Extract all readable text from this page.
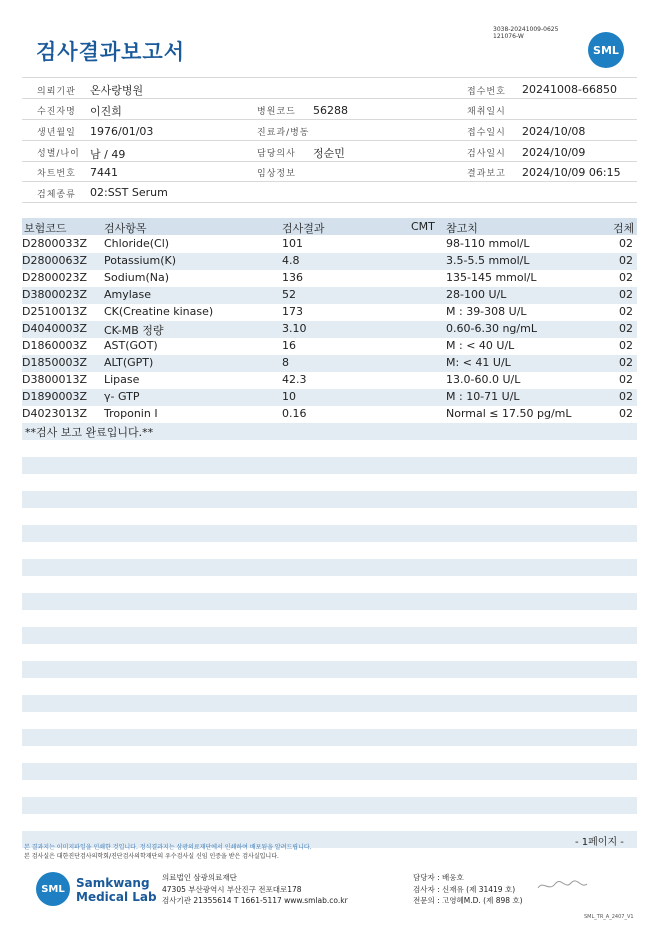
검사결과보고서
3038-20241009-0625
121076-W
SML
의뢰기관 온사랑병원	접수번호 20241008-66850
수진자명 이진희	병원코드 56288	채취일시
생년월일 1976/01/03	진료과/병동	접수일시 2024/10/08
성별/나이 남 / 49	담당의사 정순민	검사일시 2024/10/09
차트번호 7441	임상정보	결과보고 2024/10/09 06:15
검체종류 02:SST Serum
보험코드	검사항목	검사결과	CMT 참고치	검체
D2800033Z Chloride(Cl)	101	98-110 mmol/L	02
D2800063Z Potassium(K)	4.8	3.5-5.5 mmol/L	02
D2800023Z Sodium(Na)	136	135-145 mmol/L	02
D3800023Z Amylase	52	28-100 U/L	02
D2510013Z CK(Creatine kinase)	173	M : 39-308 U/L	02
D4040003Z CK-MB 정량	3.10	0.60-6.30 ng/mL	02
D1860003Z AST(GOT)	16	M : < 40 U/L	02
D1850003Z ALT(GPT)	8	M: < 41 U/L	02
D3800013Z Lipase	42.3	13.0-60.0 U/L	02
D1890003Z γ- GTP	10	M : 10-71 U/L	02
D4023013Z Troponin I	0.16	Normal ≤ 17.50 pg/mL	02
**검사 보고 완료입니다.**
- 1페이지 -
본 결과지는 이미지파일을 인쇄한 것입니다. 정식결과지는 삼광의료재단에서 인쇄하여 배포됨을 알려드립니다.
본 검사실은 대한진단검사의학회/진단검사의학재단의 우수검사실 신임 인증을 받은 검사실입니다.
SML Samkwang
Medical Lab
의료법인 삼광의료재단
47305 부산광역시 부산진구 전포대로178
검사기관 21355614 T 1661-5117 www.smlab.co.kr
담당자 : 배웅호
검사자 : 신재유 (제 31419 호)
전문의 : 고영혜M.D. (제 898 호)
SML_TR_A_2407_V1
